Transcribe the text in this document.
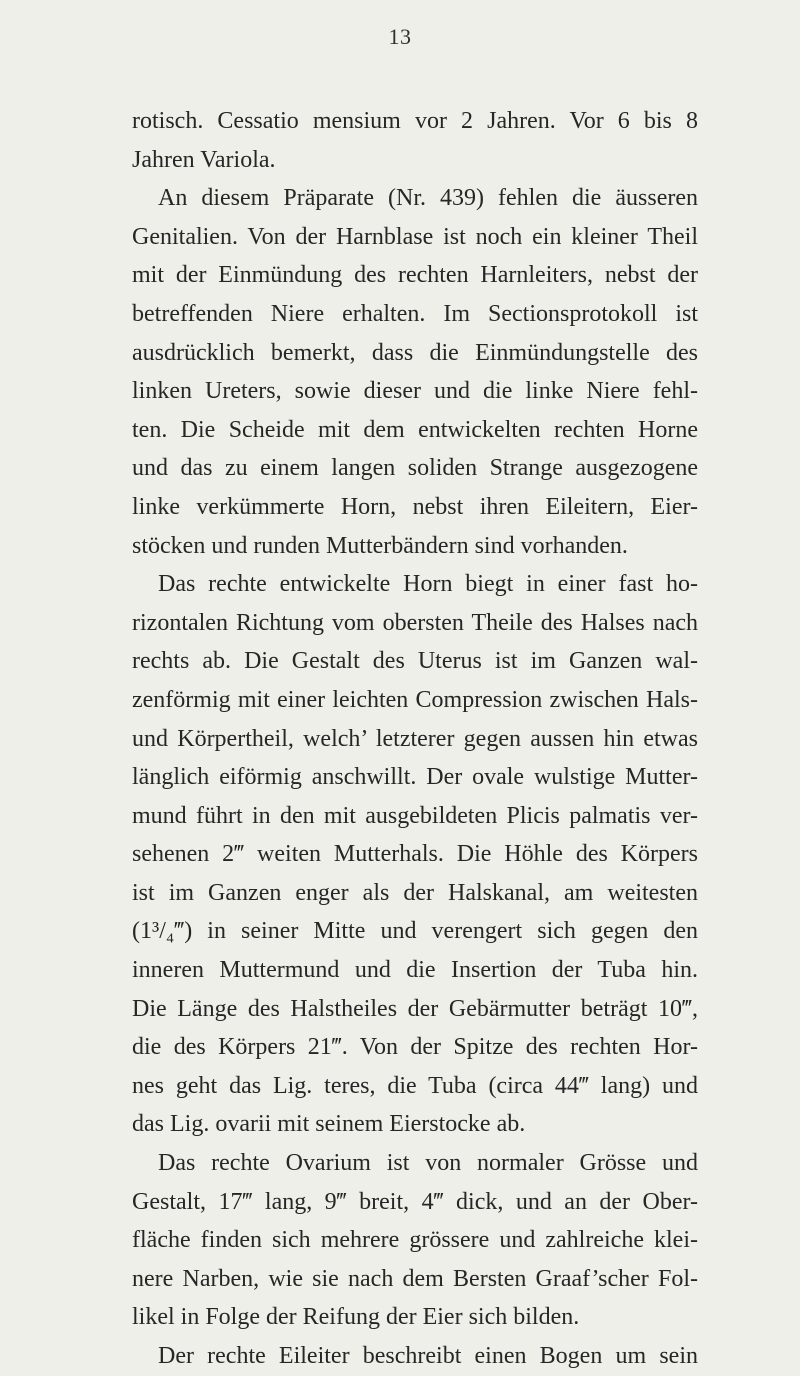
13
rotisch. Cessatio mensium vor 2 Jahren. Vor 6 bis 8
Jahren Variola.
An diesem Präparate (Nr. 439) fehlen die äusseren
Genitalien. Von der Harnblase ist noch ein kleiner Theil
mit der Einmündung des rechten Harnleiters, nebst der
betreffenden Niere erhalten. Im Sectionsprotokoll ist
ausdrücklich bemerkt, dass die Einmündungstelle des
linken Ureters, sowie dieser und die linke Niere fehl-
ten. Die Scheide mit dem entwickelten rechten Horne
und das zu einem langen soliden Strange ausgezogene
linke verkümmerte Horn, nebst ihren Eileitern, Eier-
stöcken und runden Mutterbändern sind vorhanden.
Das rechte entwickelte Horn biegt in einer fast ho-
rizontalen Richtung vom obersten Theile des Halses nach
rechts ab. Die Gestalt des Uterus ist im Ganzen wal-
zenförmig mit einer leichten Compression zwischen Hals-
und Körpertheil, welch’ letzterer gegen aussen hin etwas
länglich eiförmig anschwillt. Der ovale wulstige Mutter-
mund führt in den mit ausgebildeten Plicis palmatis ver-
sehenen 2‴ weiten Mutterhals. Die Höhle des Körpers
ist im Ganzen enger als der Halskanal, am weitesten
(1³/₄‴) in seiner Mitte und verengert sich gegen den
inneren Muttermund und die Insertion der Tuba hin.
Die Länge des Halstheiles der Gebärmutter beträgt 10‴,
die des Körpers 21‴. Von der Spitze des rechten Hor-
nes geht das Lig. teres, die Tuba (circa 44‴ lang) und
das Lig. ovarii mit seinem Eierstocke ab.
Das rechte Ovarium ist von normaler Grösse und
Gestalt, 17‴ lang, 9‴ breit, 4‴ dick, und an der Ober-
fläche finden sich mehrere grössere und zahlreiche klei-
nere Narben, wie sie nach dem Bersten Graaf’scher Fol-
likel in Folge der Reifung der Eier sich bilden.
Der rechte Eileiter beschreibt einen Bogen um sein
